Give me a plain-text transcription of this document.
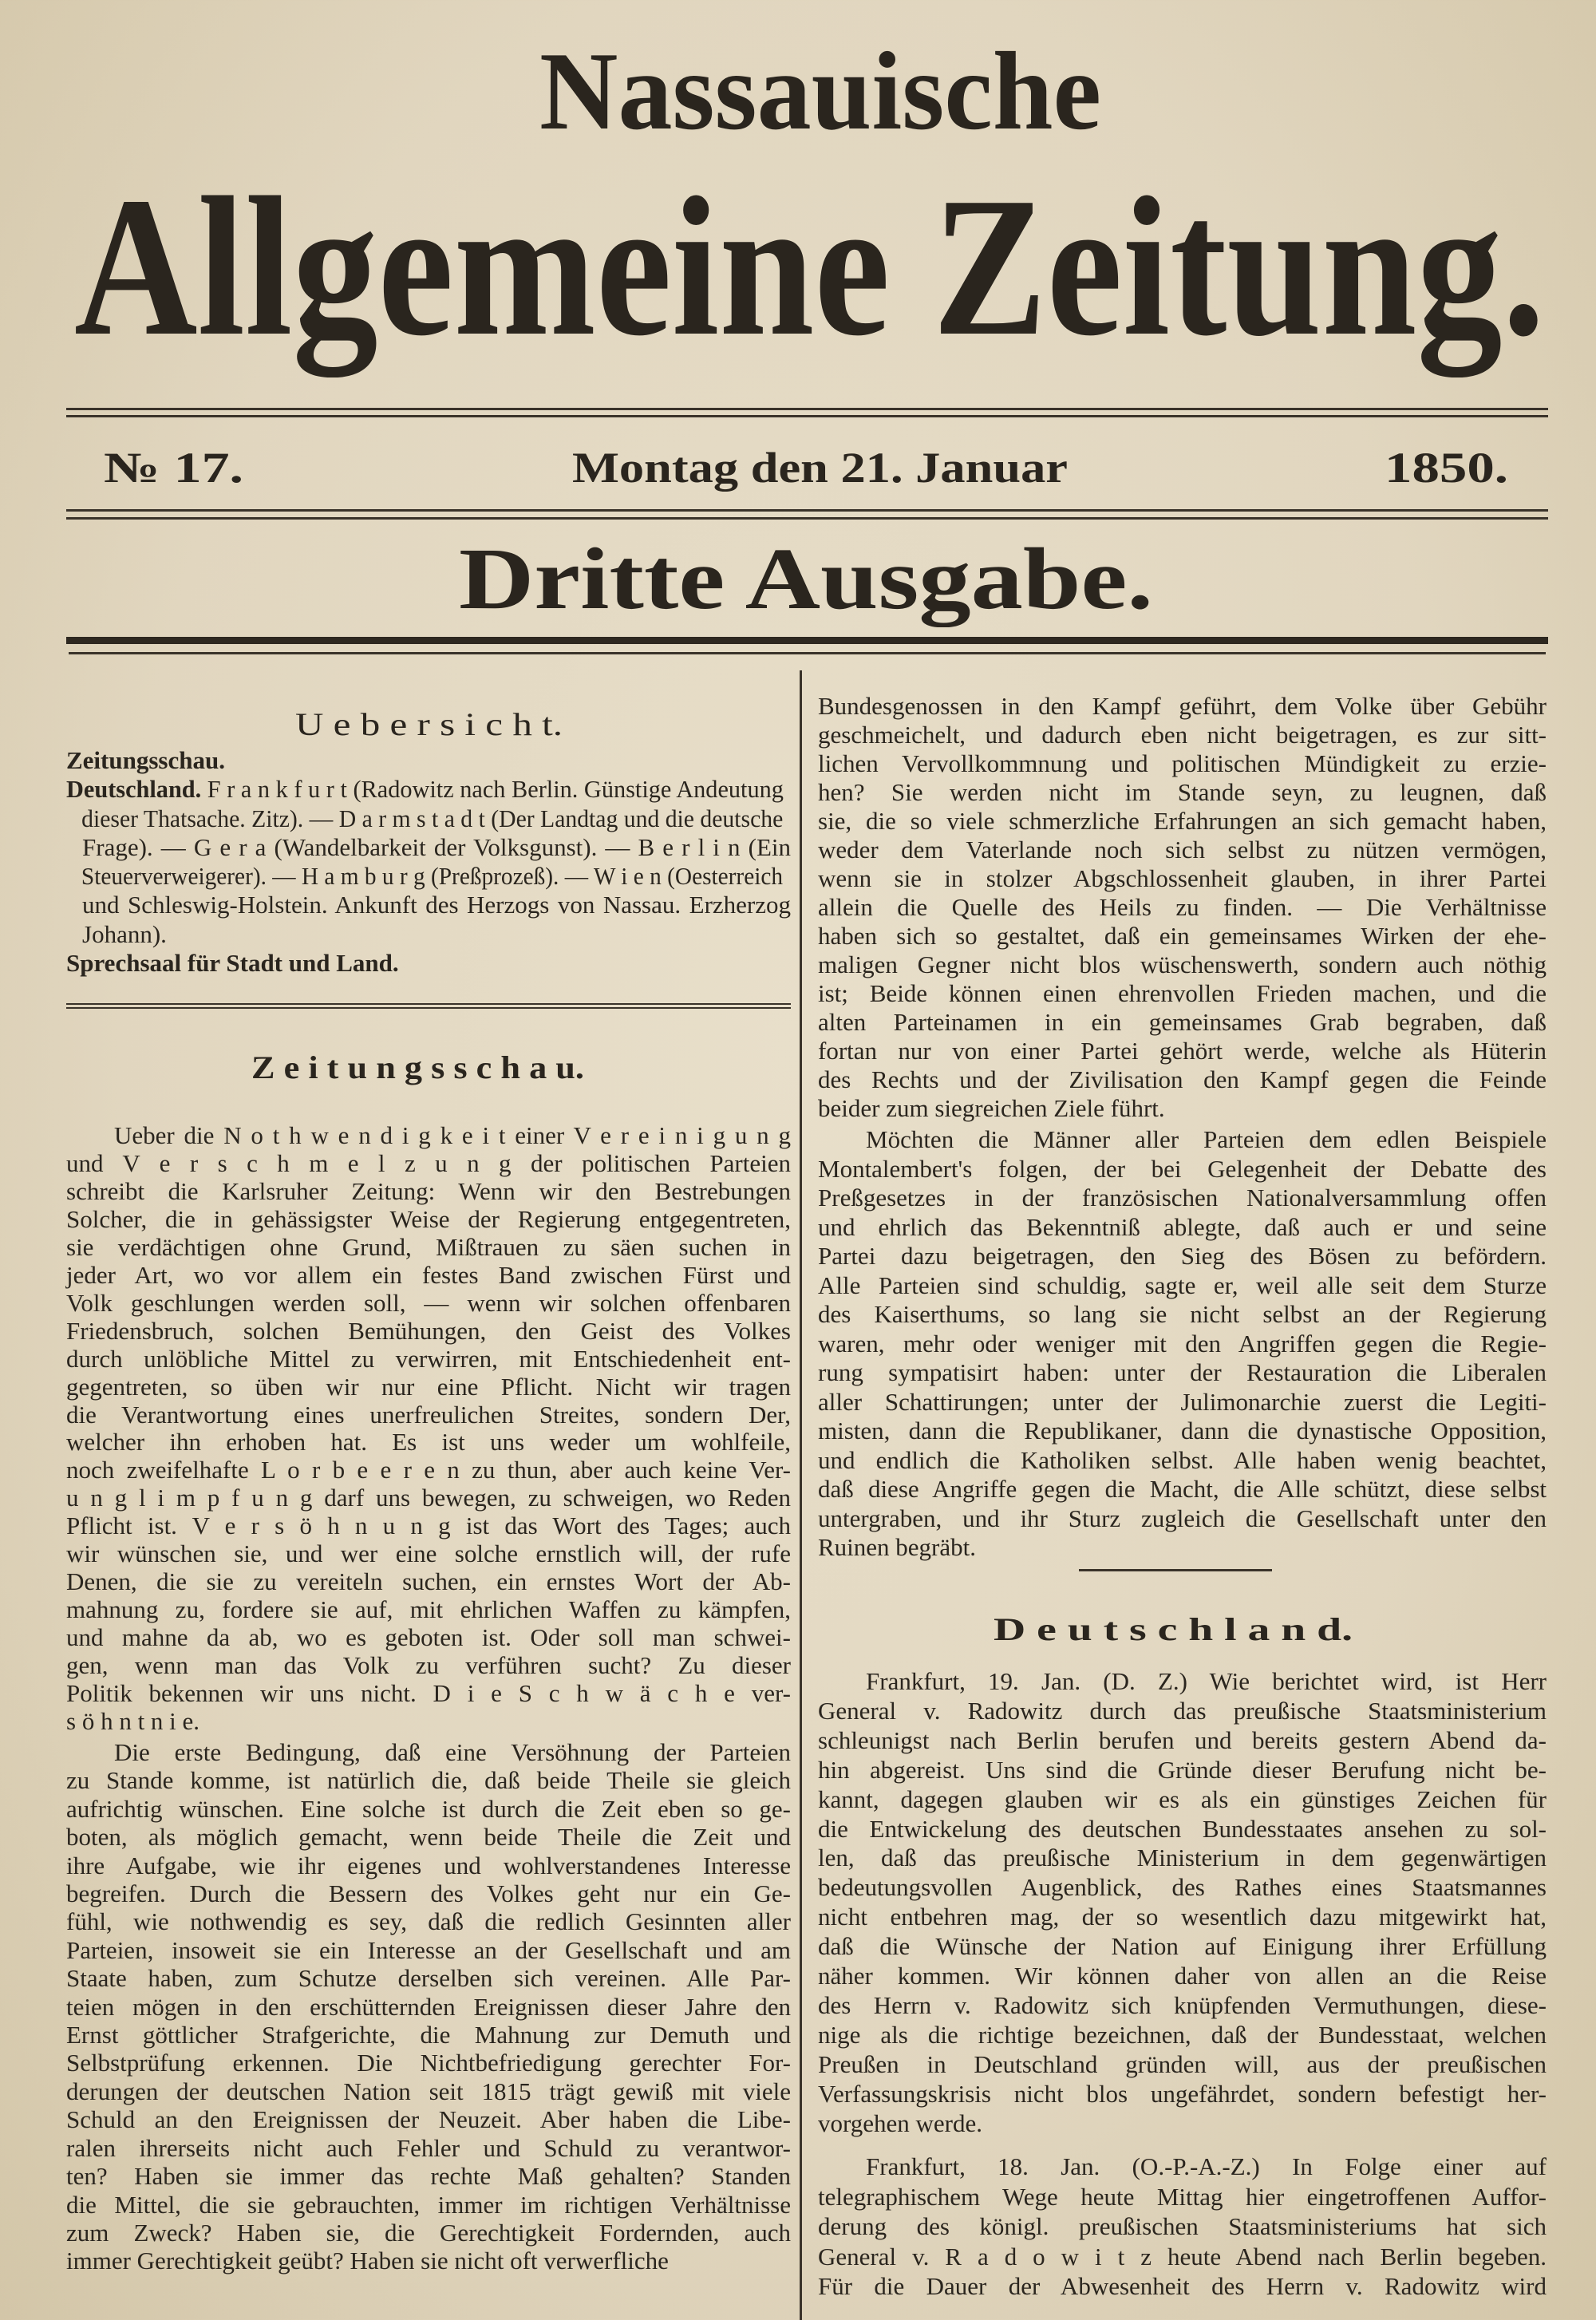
Nassauische
Allgemeine Zeitung.
№ 17.	Montag den 21. Januar	1850.
Dritte Ausgabe.
U e b e r s i c h t.
Zeitungsschau.
Deutschland. F r a n k f u r t (Radowitz nach Berlin. Günstige Andeutung
dieser Thatsache. Zitz). — D a r m s t a d t (Der Landtag und die deutsche
Frage). — G e r a (Wandelbarkeit der Volksgunst). — B e r l i n (Ein
Steuerverweigerer). — H a m b u r g (Preßprozeß). — W i e n (Oesterreich
und Schleswig-Holstein. Ankunft des Herzogs von Nassau. Erzherzog
Johann).
Sprechsaal für Stadt und Land.
Z e i t u n g s s c h a u.
Ueber die N o t h w e n d i g k e i t einer V e r e i n i g u n g
und V e r s c h m e l z u n g der politischen Parteien
schreibt die Karlsruher Zeitung: Wenn wir den Bestrebungen
Solcher, die in gehässigster Weise der Regierung entgegentreten,
sie verdächtigen ohne Grund, Mißtrauen zu säen suchen in
jeder Art, wo vor allem ein festes Band zwischen Fürst und
Volk geschlungen werden soll, — wenn wir solchen offenbaren
Friedensbruch, solchen Bemühungen, den Geist des Volkes
durch unlöbliche Mittel zu verwirren, mit Entschiedenheit ent-
gegentreten, so üben wir nur eine Pflicht. Nicht wir tragen
die Verantwortung eines unerfreulichen Streites, sondern Der,
welcher ihn erhoben hat. Es ist uns weder um wohlfeile,
noch zweifelhafte L o r b e e r e n zu thun, aber auch keine Ver-
u n g l i m p f u n g darf uns bewegen, zu schweigen, wo Reden
Pflicht ist. V e r s ö h n u n g ist das Wort des Tages; auch
wir wünschen sie, und wer eine solche ernstlich will, der rufe
Denen, die sie zu vereiteln suchen, ein ernstes Wort der Ab-
mahnung zu, fordere sie auf, mit ehrlichen Waffen zu kämpfen,
und mahne da ab, wo es geboten ist. Oder soll man schwei-
gen, wenn man das Volk zu verführen sucht? Zu dieser
Politik bekennen wir uns nicht. D i e S c h w ä c h e ver-
s ö h n t n i e.
Die erste Bedingung, daß eine Versöhnung der Parteien
zu Stande komme, ist natürlich die, daß beide Theile sie gleich
aufrichtig wünschen. Eine solche ist durch die Zeit eben so ge-
boten, als möglich gemacht, wenn beide Theile die Zeit und
ihre Aufgabe, wie ihr eigenes und wohlverstandenes Interesse
begreifen. Durch die Bessern des Volkes geht nur ein Ge-
fühl, wie nothwendig es sey, daß die redlich Gesinnten aller
Parteien, insoweit sie ein Interesse an der Gesellschaft und am
Staate haben, zum Schutze derselben sich vereinen. Alle Par-
teien mögen in den erschütternden Ereignissen dieser Jahre den
Ernst göttlicher Strafgerichte, die Mahnung zur Demuth und
Selbstprüfung erkennen. Die Nichtbefriedigung gerechter For-
derungen der deutschen Nation seit 1815 trägt gewiß mit viele
Schuld an den Ereignissen der Neuzeit. Aber haben die Libe-
ralen ihrerseits nicht auch Fehler und Schuld zu verantwor-
ten? Haben sie immer das rechte Maß gehalten? Standen
die Mittel, die sie gebrauchten, immer im richtigen Verhältnisse
zum Zweck? Haben sie, die Gerechtigkeit Fordernden, auch
immer Gerechtigkeit geübt? Haben sie nicht oft verwerfliche
Bundesgenossen in den Kampf geführt, dem Volke über Gebühr
geschmeichelt, und dadurch eben nicht beigetragen, es zur sitt-
lichen Vervollkommnung und politischen Mündigkeit zu erzie-
hen? Sie werden nicht im Stande seyn, zu leugnen, daß
sie, die so viele schmerzliche Erfahrungen an sich gemacht haben,
weder dem Vaterlande noch sich selbst zu nützen vermögen,
wenn sie in stolzer Abgschlossenheit glauben, in ihrer Partei
allein die Quelle des Heils zu finden. — Die Verhältnisse
haben sich so gestaltet, daß ein gemeinsames Wirken der ehe-
maligen Gegner nicht blos wüschenswerth, sondern auch nöthig
ist; Beide können einen ehrenvollen Frieden machen, und die
alten Parteinamen in ein gemeinsames Grab begraben, daß
fortan nur von einer Partei gehört werde, welche als Hüterin
des Rechts und der Zivilisation den Kampf gegen die Feinde
beider zum siegreichen Ziele führt.
Möchten die Männer aller Parteien dem edlen Beispiele
Montalembert's folgen, der bei Gelegenheit der Debatte des
Preßgesetzes in der französischen Nationalversammlung offen
und ehrlich das Bekenntniß ablegte, daß auch er und seine
Partei dazu beigetragen, den Sieg des Bösen zu befördern.
Alle Parteien sind schuldig, sagte er, weil alle seit dem Sturze
des Kaiserthums, so lang sie nicht selbst an der Regierung
waren, mehr oder weniger mit den Angriffen gegen die Regie-
rung sympatisirt haben: unter der Restauration die Liberalen
aller Schattirungen; unter der Julimonarchie zuerst die Legiti-
misten, dann die Republikaner, dann die dynastische Opposition,
und endlich die Katholiken selbst. Alle haben wenig beachtet,
daß diese Angriffe gegen die Macht, die Alle schützt, diese selbst
untergraben, und ihr Sturz zugleich die Gesellschaft unter den
Ruinen begräbt.
D e u t s c h l a n d.
Frankfurt, 19. Jan. (D. Z.) Wie berichtet wird, ist Herr
General v. Radowitz durch das preußische Staatsministerium
schleunigst nach Berlin berufen und bereits gestern Abend da-
hin abgereist. Uns sind die Gründe dieser Berufung nicht be-
kannt, dagegen glauben wir es als ein günstiges Zeichen für
die Entwickelung des deutschen Bundesstaates ansehen zu sol-
len, daß das preußische Ministerium in dem gegenwärtigen
bedeutungsvollen Augenblick, des Rathes eines Staatsmannes
nicht entbehren mag, der so wesentlich dazu mitgewirkt hat,
daß die Wünsche der Nation auf Einigung ihrer Erfüllung
näher kommen. Wir können daher von allen an die Reise
des Herrn v. Radowitz sich knüpfenden Vermuthungen, diese-
nige als die richtige bezeichnen, daß der Bundesstaat, welchen
Preußen in Deutschland gründen will, aus der preußischen
Verfassungskrisis nicht blos ungefährdet, sondern befestigt her-
vorgehen werde.
Frankfurt, 18. Jan. (O.-P.-A.-Z.) In Folge einer auf
telegraphischem Wege heute Mittag hier eingetroffenen Auffor-
derung des königl. preußischen Staatsministeriums hat sich
General v. R a d o w i t z heute Abend nach Berlin begeben.
Für die Dauer der Abwesenheit des Herrn v. Radowitz wird
